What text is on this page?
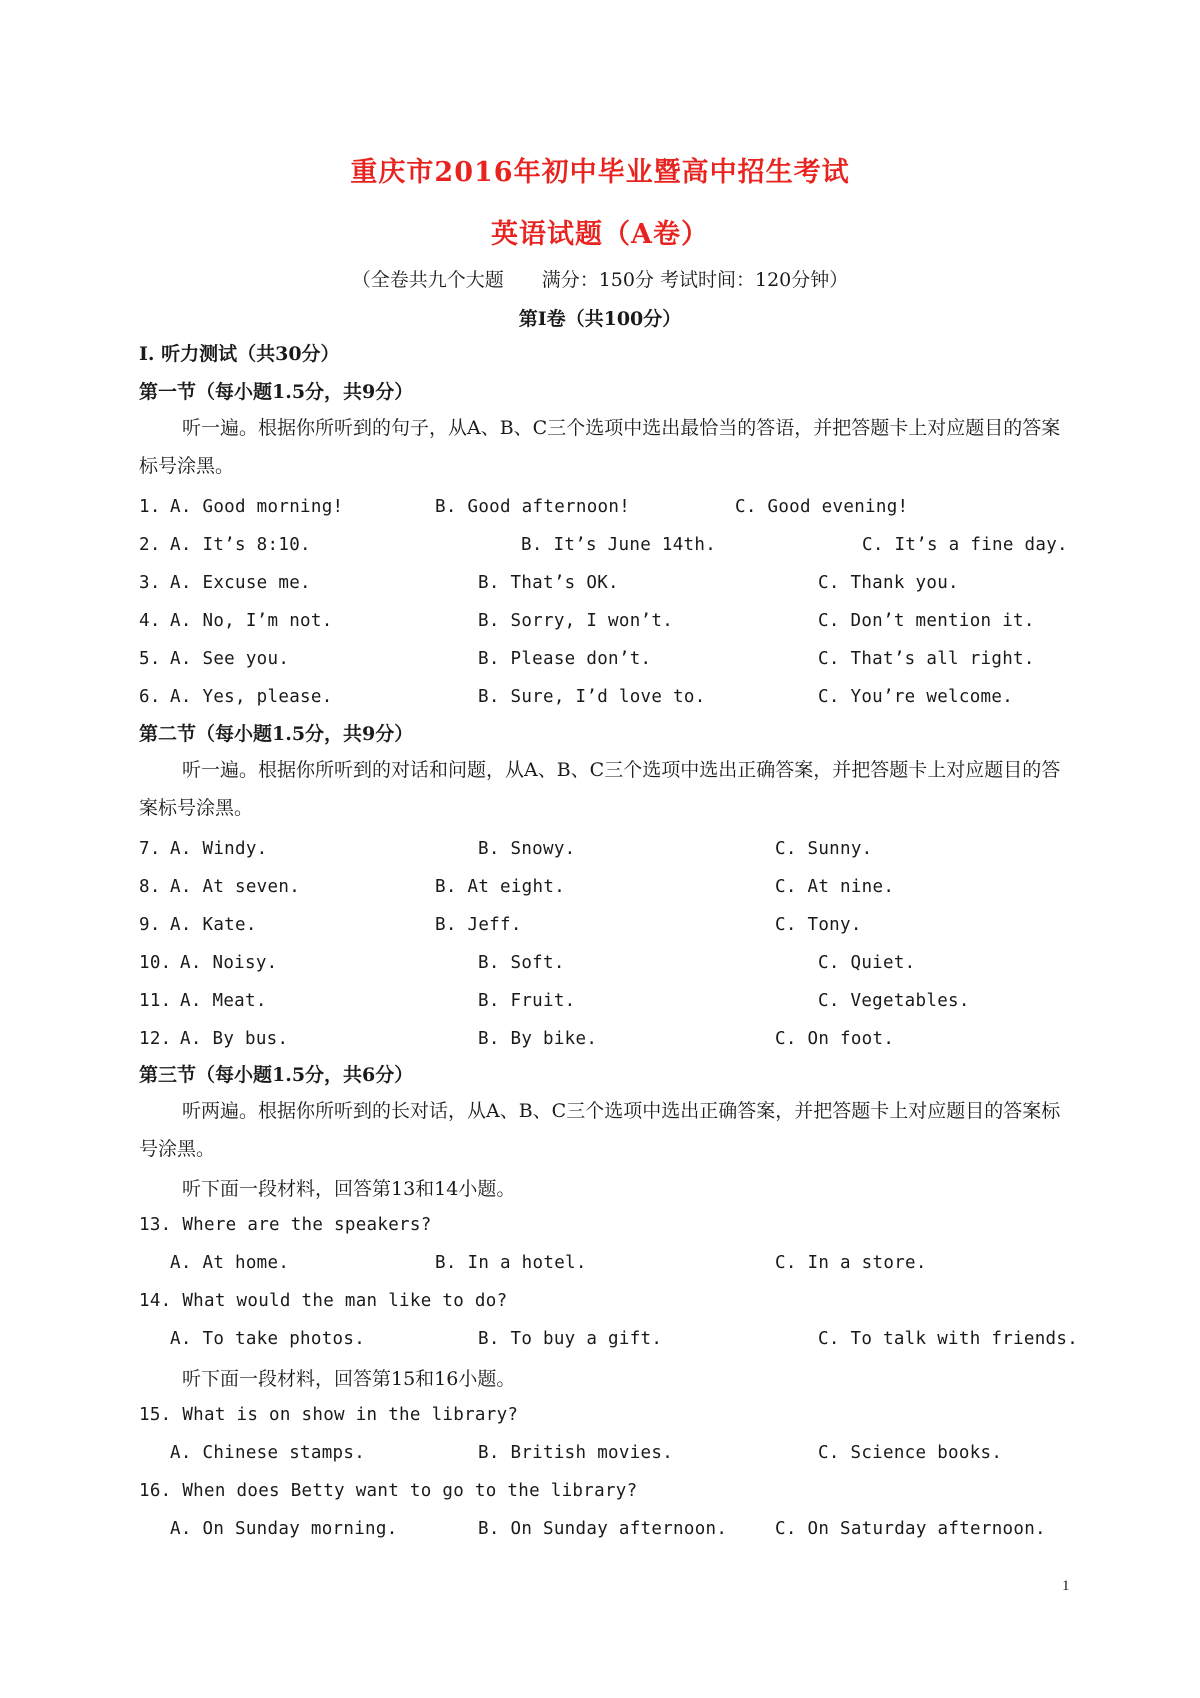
重庆市2016年初中毕业暨高中招生考试
英语试题（A卷）
（全卷共九个大题　　满分：150分 考试时间：120分钟）
第I卷（共100分）
I. 听力测试（共30分）
第一节（每小题1.5分，共9分）
听一遍。根据你所听到的句子，从A、B、C三个选项中选出最恰当的答语，并把答题卡上对应题目的答案标号涂黑。
1. A. Good morning!	B. Good afternoon!	C. Good evening!
2. A. It’s 8:10.	B. It’s June 14th.	C. It’s a fine day.
3. A. Excuse me.	B. That’s OK.	C. Thank you.
4. A. No, I’m not.	B. Sorry, I won’t.	C. Don’t mention it.
5. A. See you.	B. Please don’t.	C. That’s all right.
6. A. Yes, please.	B. Sure, I’d love to.	C. You’re welcome.
第二节（每小题1.5分，共9分）
听一遍。根据你所听到的对话和问题，从A、B、C三个选项中选出正确答案，并把答题卡上对应题目的答案标号涂黑。
7. A. Windy.	B. Snowy.	C. Sunny.
8. A. At seven.	B. At eight.	C. At nine.
9. A. Kate.	B. Jeff.	C. Tony.
10. A. Noisy.	B. Soft.	C. Quiet.
11. A. Meat.	B. Fruit.	C. Vegetables.
12. A. By bus.	B. By bike.	C. On foot.
第三节（每小题1.5分，共6分）
听两遍。根据你所听到的长对话，从A、B、C三个选项中选出正确答案，并把答题卡上对应题目的答案标号涂黑。
听下面一段材料，回答第13和14小题。
13. Where are the speakers?
A. At home.	B. In a hotel.	C. In a store.
14. What would the man like to do?
A. To take photos.	B. To buy a gift.	C. To talk with friends.
听下面一段材料，回答第15和16小题。
15. What is on show in the library?
A. Chinese stamps.	B. British movies.	C. Science books.
16. When does Betty want to go to the library?
A. On Sunday morning.	B. On Sunday afternoon.	C. On Saturday afternoon.
1
